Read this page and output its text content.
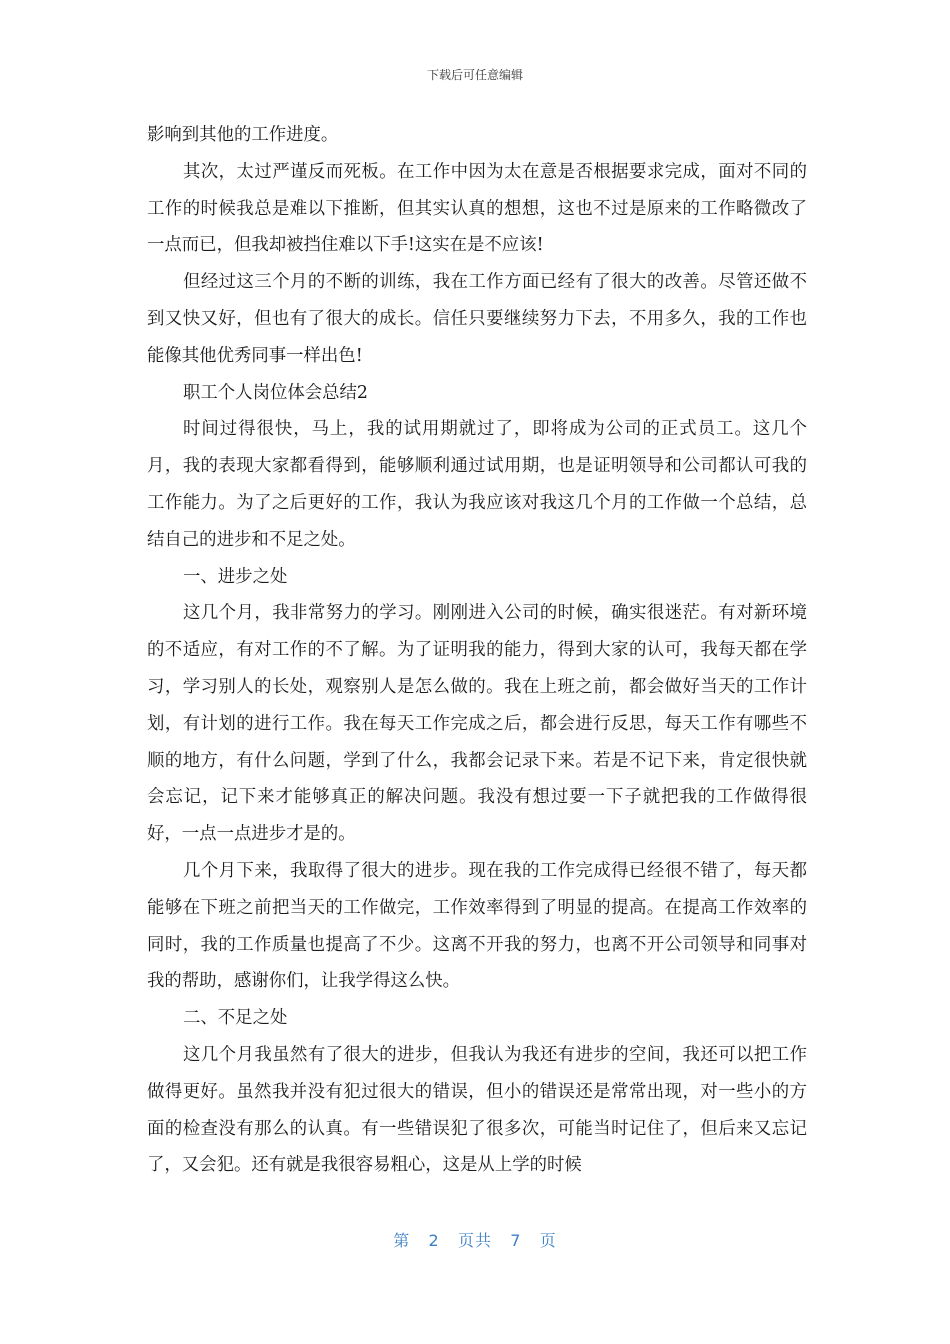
下载后可任意编辑

影响到其他的工作进度。

其次，太过严谨反而死板。在工作中因为太在意是否根据要求完成，面对不同的工作的时候我总是难以下推断，但其实认真的想想，这也不过是原来的工作略微改了一点而已，但我却被挡住难以下手!这实在是不应该!

但经过这三个月的不断的训练，我在工作方面已经有了很大的改善。尽管还做不到又快又好，但也有了很大的成长。信任只要继续努力下去，不用多久，我的工作也能像其他优秀同事一样出色!

职工个人岗位体会总结2

时间过得很快，马上，我的试用期就过了，即将成为公司的正式员工。这几个月，我的表现大家都看得到，能够顺利通过试用期，也是证明领导和公司都认可我的工作能力。为了之后更好的工作，我认为我应该对我这几个月的工作做一个总结，总结自己的进步和不足之处。

一、进步之处

这几个月，我非常努力的学习。刚刚进入公司的时候，确实很迷茫。有对新环境的不适应，有对工作的不了解。为了证明我的能力，得到大家的认可，我每天都在学习，学习别人的长处，观察别人是怎么做的。我在上班之前，都会做好当天的工作计划，有计划的进行工作。我在每天工作完成之后，都会进行反思，每天工作有哪些不顺的地方，有什么问题，学到了什么，我都会记录下来。若是不记下来，肯定很快就会忘记，记下来才能够真正的解决问题。我没有想过要一下子就把我的工作做得很好，一点一点进步才是的。

几个月下来，我取得了很大的进步。现在我的工作完成得已经很不错了，每天都能够在下班之前把当天的工作做完，工作效率得到了明显的提高。在提高工作效率的同时，我的工作质量也提高了不少。这离不开我的努力，也离不开公司领导和同事对我的帮助，感谢你们，让我学得这么快。

二、不足之处

这几个月我虽然有了很大的进步，但我认为我还有进步的空间，我还可以把工作做得更好。虽然我并没有犯过很大的错误，但小的错误还是常常出现，对一些小的方面的检查没有那么的认真。有一些错误犯了很多次，可能当时记住了，但后来又忘记了，又会犯。还有就是我很容易粗心，这是从上学的时候

第 2 页共 7 页
